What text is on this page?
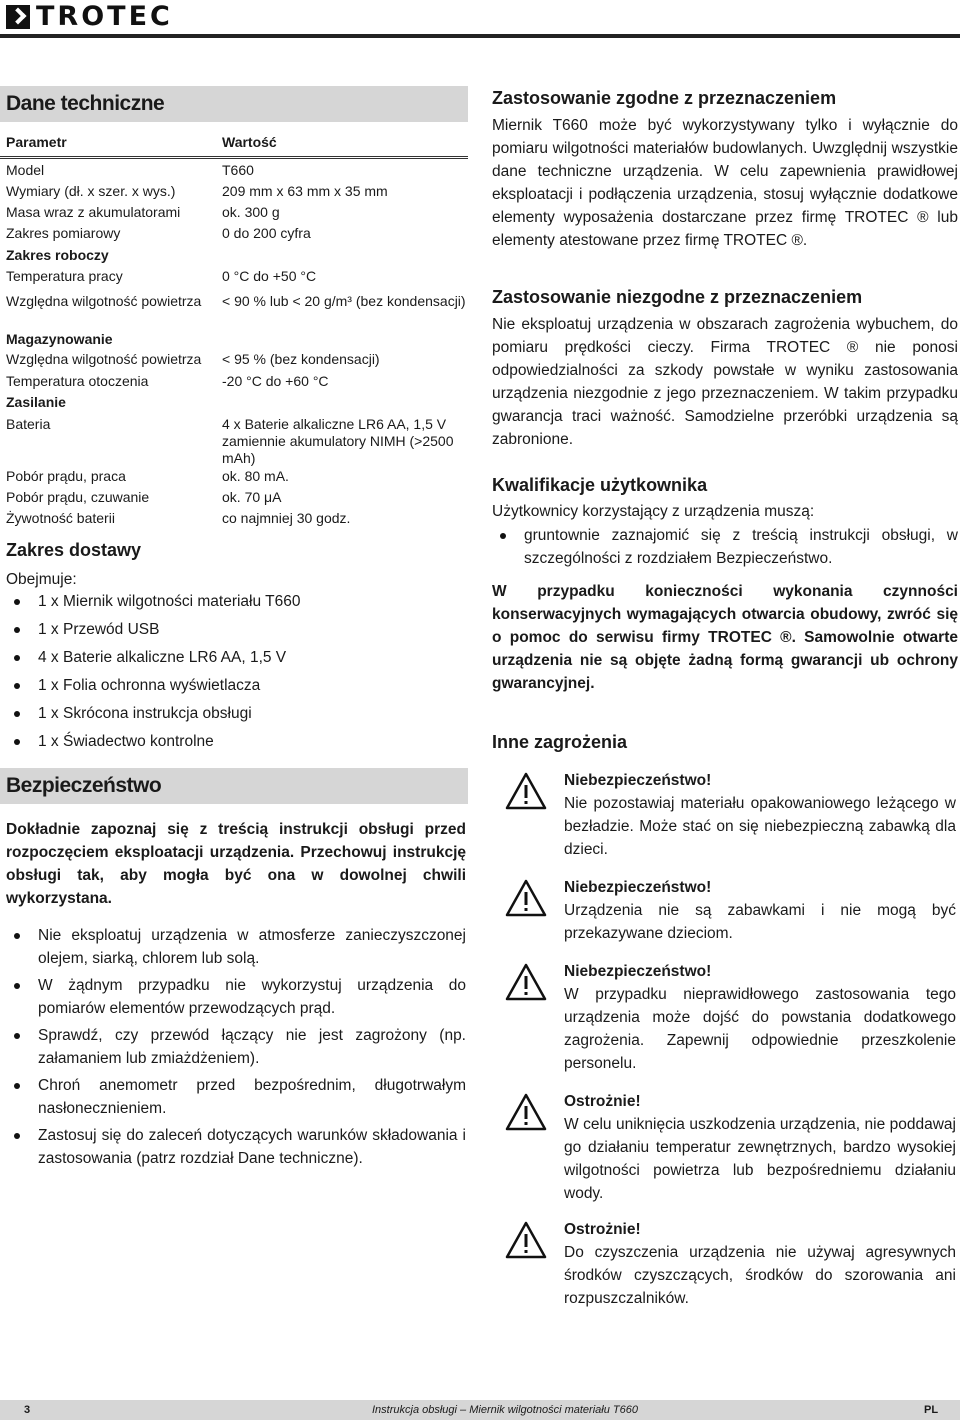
TROTEC
Dane techniczne
Parametr	Wartość
Model	T660
Wymiary (dł. x szer. x wys.)	209 mm x 63 mm x 35 mm
Masa wraz z akumulatorami	ok. 300 g
Zakres pomiarowy	0 do 200 cyfra
Zakres roboczy
Temperatura pracy	0 °C do +50 °C
Względna wilgotność powietrza < 90 % lub < 20 g/m³ (bez kondensacji)
Magazynowanie
Względna wilgotność powietrza < 95 % (bez kondensacji)
Temperatura otoczenia	-20 °C do +60 °C
Zasilanie
Bateria	4 x Baterie alkaliczne LR6 AA, 1,5 V zamiennie akumulatory NIMH (>2500 mAh)
Pobór prądu, praca	ok. 80 mA.
Pobór prądu, czuwanie	ok. 70 μA
Żywotność baterii	co najmniej 30 godz.
Zakres dostawy
Obejmuje:
1 x Miernik wilgotności materiału T660
1 x Przewód USB
4 x Baterie alkaliczne LR6 AA, 1,5 V
1 x Folia ochronna wyświetlacza
1 x Skrócona instrukcja obsługi
1 x Świadectwo kontrolne
Bezpieczeństwo
Dokładnie zapoznaj się z treścią instrukcji obsługi przed rozpoczęciem eksploatacji urządzenia. Przechowuj instrukcję obsługi tak, aby mogła być ona w dowolnej chwili wykorzystana.
Nie eksploatuj urządzenia w atmosferze zanieczyszczonej olejem, siarką, chlorem lub solą.
W żądnym przypadku nie wykorzystuj urządzenia do pomiarów elementów przewodzących prąd.
Sprawdź, czy przewód łączący nie jest zagrożony (np. załamaniem lub zmiażdżeniem).
Chroń anemometr przed bezpośrednim, długotrwałym nasłonecznieniem.
Zastosuj się do zaleceń dotyczących warunków składowania i zastosowania (patrz rozdział Dane techniczne).
Zastosowanie zgodne z przeznaczeniem
Miernik T660 może być wykorzystywany tylko i wyłącznie do pomiaru wilgotności materiałów budowlanych. Uwzględnij wszystkie dane techniczne urządzenia. W celu zapewnienia prawidłowej eksploatacji i podłączenia urządzenia, stosuj wyłącznie dodatkowe elementy wyposażenia dostarczane przez firmę TROTEC ® lub elementy atestowane przez firmę TROTEC ®.
Zastosowanie niezgodne z przeznaczeniem
Nie eksploatuj urządzenia w obszarach zagrożenia wybuchem, do pomiaru prędkości cieczy. Firma TROTEC ® nie ponosi odpowiedzialności za szkody powstałe w wyniku zastosowania urządzenia niezgodnie z jego przeznaczeniem. W takim przypadku gwarancja traci ważność. Samodzielne przeróbki urządzenia są zabronione.
Kwalifikacje użytkownika
Użytkownicy korzystający z urządzenia muszą:
gruntownie zaznajomić się z treścią instrukcji obsługi, w szczególności z rozdziałem Bezpieczeństwo.
W przypadku konieczności wykonania czynności konserwacyjnych wymagających otwarcia obudowy, zwróć się o pomoc do serwisu firmy TROTEC ®. Samowolnie otwarte urządzenia nie są objęte żadną formą gwarancji ub ochrony gwarancyjnej.
Inne zagrożenia
Niebezpieczeństwo!
Nie pozostawiaj materiału opakowaniowego leżącego w bezładzie. Może stać on się niebezpieczną zabawką dla dzieci.
Niebezpieczeństwo!
Urządzenia nie są zabawkami i nie mogą być przekazywane dzieciom.
Niebezpieczeństwo!
W przypadku nieprawidłowego zastosowania tego urządzenia może dojść do powstania dodatkowego zagrożenia. Zapewnij odpowiednie przeszkolenie personelu.
Ostrożnie!
W celu uniknięcia uszkodzenia urządzenia, nie poddawaj go działaniu temperatur zewnętrznych, bardzo wysokiej wilgotności powietrza lub bezpośredniemu działaniu wody.
Ostrożnie!
Do czyszczenia urządzenia nie używaj agresywnych środków czyszczących, środków do szorowania ani rozpuszczalników.
3	Instrukcja obsługi – Miernik wilgotności materiału T660	PL
